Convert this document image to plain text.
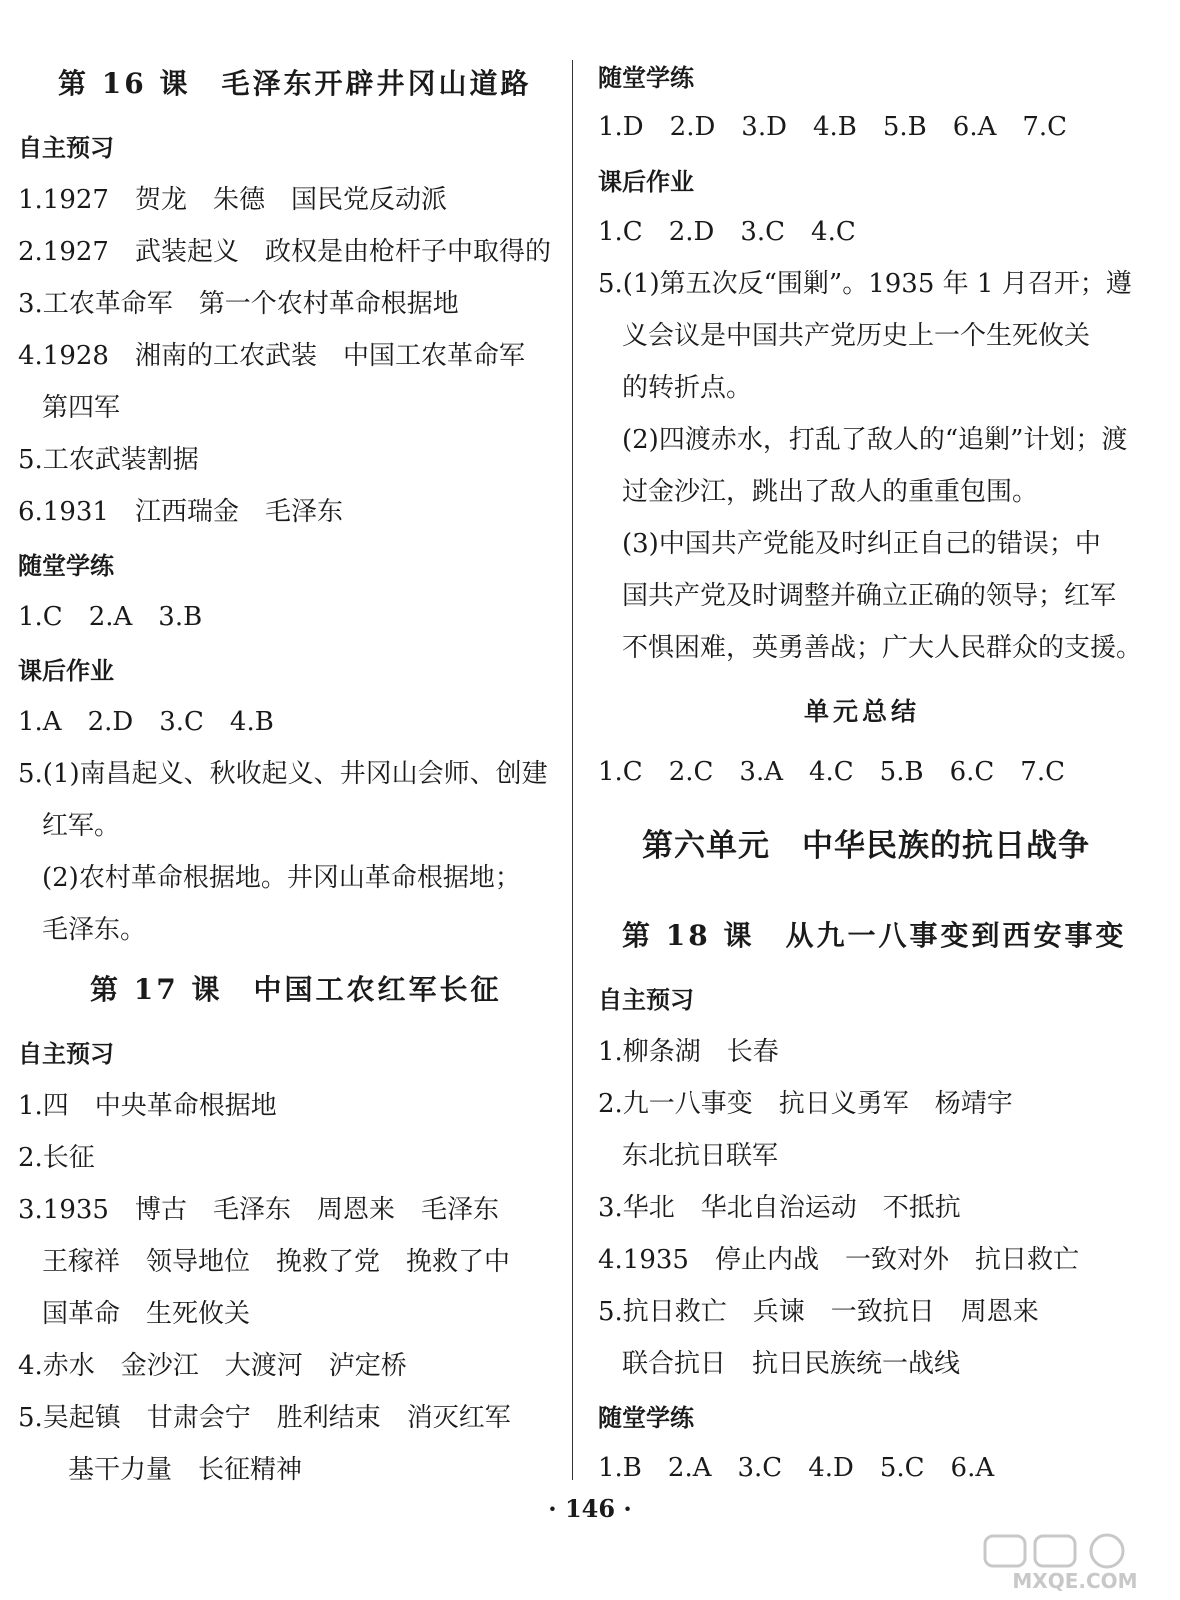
第 16 课　毛泽东开辟井冈山道路
自主预习
1.1927　贺龙　朱德　国民党反动派
2.1927　武装起义　政权是由枪杆子中取得的
3.工农革命军　第一个农村革命根据地
4.1928　湘南的工农武装　中国工农革命军
第四军
5.工农武装割据
6.1931　江西瑞金　毛泽东
随堂学练
1.C　2.A　3.B
课后作业
1.A　2.D　3.C　4.B
5.(1)南昌起义、秋收起义、井冈山会师、创建
红军。
(2)农村革命根据地。井冈山革命根据地；
毛泽东。
第 17 课　中国工农红军长征
自主预习
1.四　中央革命根据地
2.长征
3.1935　博古　毛泽东　周恩来　毛泽东
王稼祥　领导地位　挽救了党　挽救了中
国革命　生死攸关
4.赤水　金沙江　大渡河　泸定桥
5.吴起镇　甘肃会宁　胜利结束　消灭红军
基干力量　长征精神
随堂学练
1.D　2.D　3.D　4.B　5.B　6.A　7.C
课后作业
1.C　2.D　3.C　4.C
5.(1)第五次反“围剿”。1935 年 1 月召开；遵
义会议是中国共产党历史上一个生死攸关
的转折点。
(2)四渡赤水，打乱了敌人的“追剿”计划；渡
过金沙江，跳出了敌人的重重包围。
(3)中国共产党能及时纠正自己的错误；中
国共产党及时调整并确立正确的领导；红军
不惧困难，英勇善战；广大人民群众的支援。
单元总结
1.C　2.C　3.A　4.C　5.B　6.C　7.C
第六单元　中华民族的抗日战争
第 18 课　从九一八事变到西安事变
自主预习
1.柳条湖　长春
2.九一八事变　抗日义勇军　杨靖宇
东北抗日联军
3.华北　华北自治运动　不抵抗
4.1935　停止内战　一致对外　抗日救亡
5.抗日救亡　兵谏　一致抗日　周恩来
联合抗日　抗日民族统一战线
随堂学练
1.B　2.A　3.C　4.D　5.C　6.A
· 146 ·
MXQE.COM
